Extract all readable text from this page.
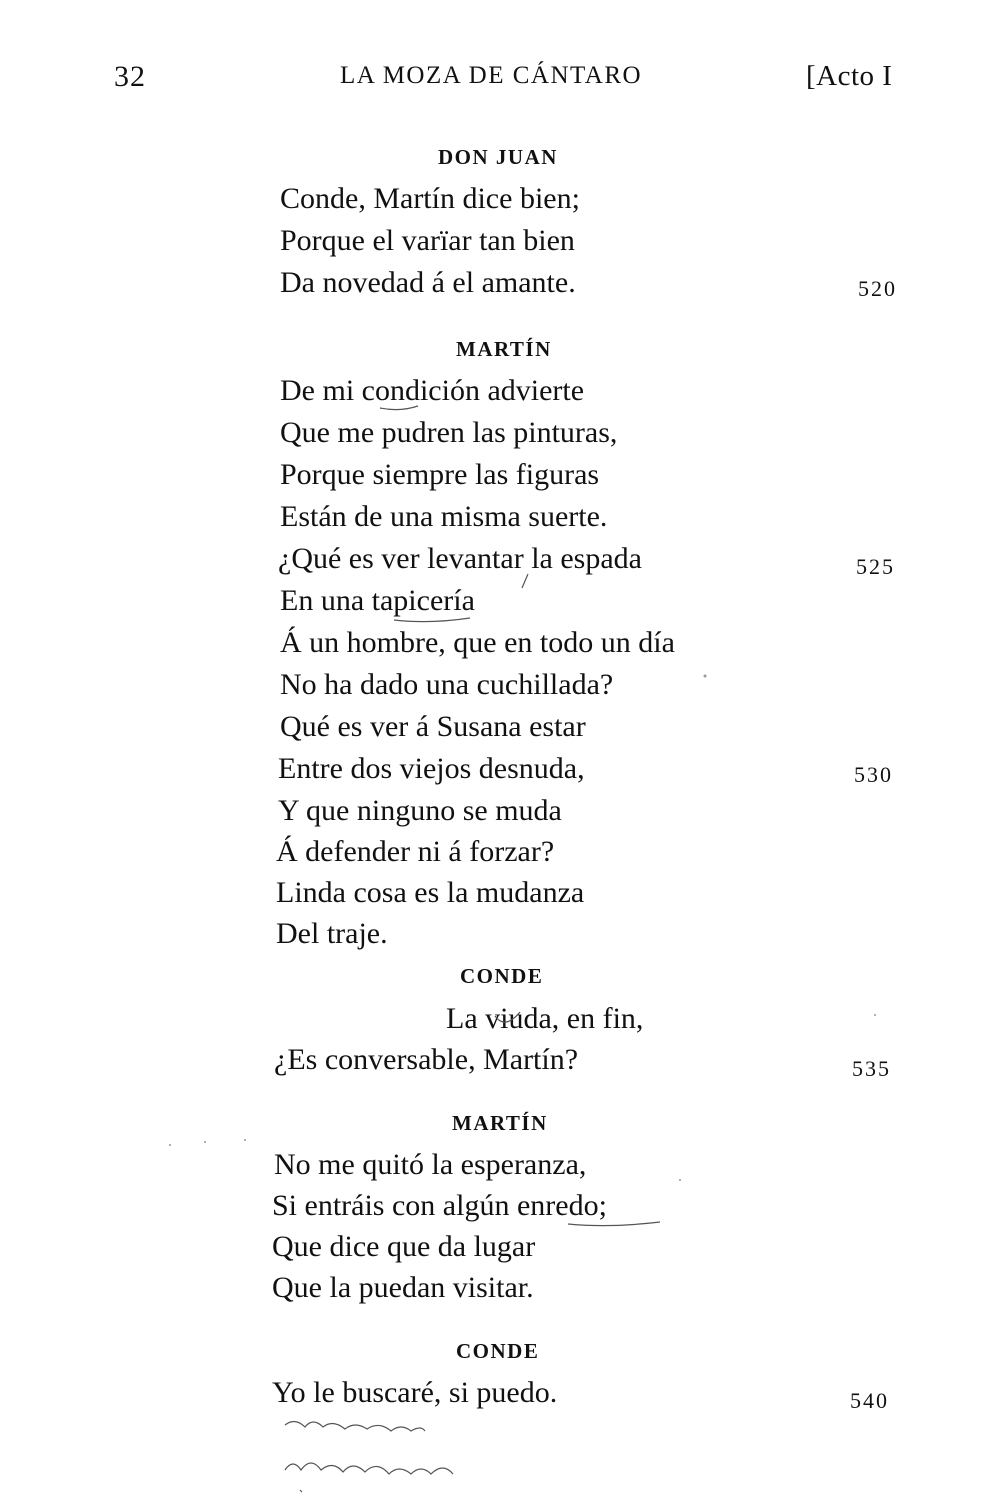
32	LA MOZA DE CÁNTARO	[Acto I
DON JUAN
Conde, Martín dice bien;
Porque el varïar tan bien
Da novedad á el amante.	520
MARTÍN
De mi condición advierte
Que me pudren las pinturas,
Porque siempre las figuras
Están de una misma suerte.
¿Qué es ver levantar la espada	525
En una tapicería
Á un hombre, que en todo un día
No ha dado una cuchillada?
Qué es ver á Susana estar
Entre dos viejos desnuda,	530
Y que ninguno se muda
Á defender ni á forzar?
Linda cosa es la mudanza
Del traje.
CONDE
La viuda, en fin,
¿Es conversable, Martín?	535
MARTÍN
No me quitó la esperanza,
Si entráis con algún enredo;
Que dice que da lugar
Que la puedan visitar.
CONDE
Yo le buscaré, si puedo.	540
